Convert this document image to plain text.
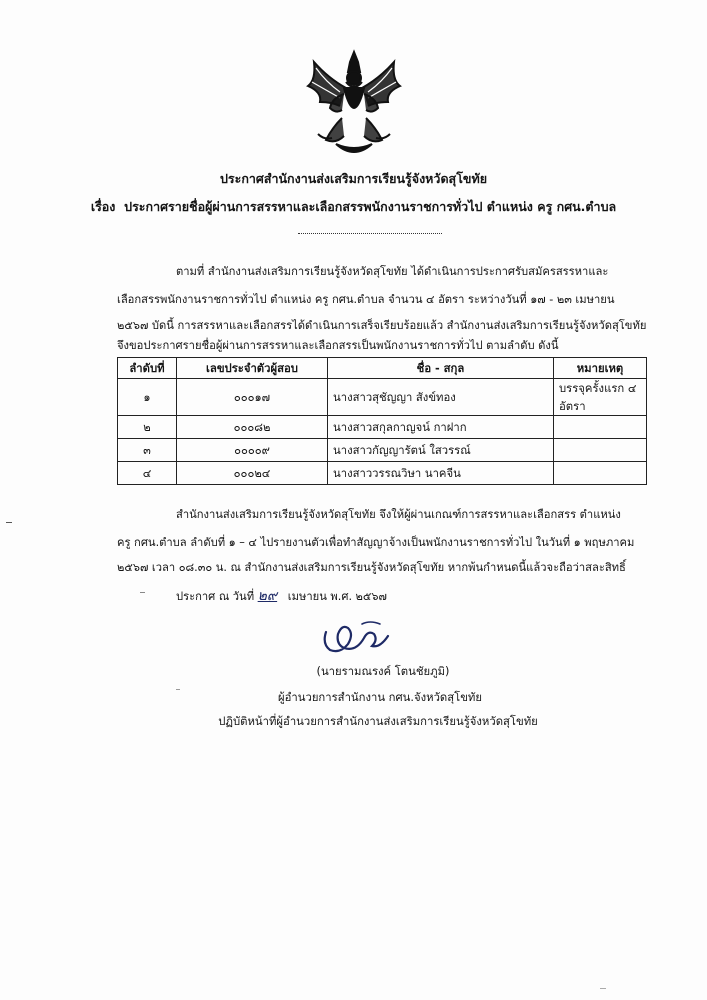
ประกาศสำนักงานส่งเสริมการเรียนรู้จังหวัดสุโขทัย
เรื่อง ประกาศรายชื่อผู้ผ่านการสรรหาและเลือกสรรพนักงานราชการทั่วไป ตำแหน่ง ครู กศน.ตำบล
ตามที่ สำนักงานส่งเสริมการเรียนรู้จังหวัดสุโขทัย ได้ดำเนินการประกาศรับสมัครสรรหาและ
เลือกสรรพนักงานราชการทั่วไป ตำแหน่ง ครู กศน.ตำบล จำนวน ๔ อัตรา ระหว่างวันที่ ๑๗ - ๒๓ เมษายน
๒๕๖๗ บัดนี้ การสรรหาและเลือกสรรได้ดำเนินการเสร็จเรียบร้อยแล้ว สำนักงานส่งเสริมการเรียนรู้จังหวัดสุโขทัย
จึงขอประกาศรายชื่อผู้ผ่านการสรรหาและเลือกสรรเป็นพนักงานราชการทั่วไป ตามลำดับ ดังนี้
ลำดับที่	เลขประจำตัวผู้สอบ	ชื่อ - สกุล	หมายเหตุ
๑	๐๐๐๑๗	นางสาวสุชัญญา สังข์ทอง	บรรจุครั้งแรก ๔ อัตรา
๒	๐๐๐๘๒	นางสาวสกุลกาญจน์ กาฝาก	
๓	๐๐๐๐๙	นางสาวกัญญารัตน์ ใสวรรณ์	
๔	๐๐๐๒๔	นางสาววรรณวิษา นาคจีน	
สำนักงานส่งเสริมการเรียนรู้จังหวัดสุโขทัย จึงให้ผู้ผ่านเกณฑ์การสรรหาและเลือกสรร ตำแหน่ง
ครู กศน.ตำบล ลำดับที่ ๑ – ๔ ไปรายงานตัวเพื่อทำสัญญาจ้างเป็นพนักงานราชการทั่วไป ในวันที่ ๑ พฤษภาคม
๒๕๖๗ เวลา ๐๘.๓๐ น. ณ สำนักงานส่งเสริมการเรียนรู้จังหวัดสุโขทัย หากพ้นกำหนดนี้แล้วจะถือว่าสละสิทธิ์
ประกาศ ณ วันที่ ๒๙ เมษายน พ.ศ. ๒๕๖๗
(นายรามณรงค์ โตนชัยภูมิ)
ผู้อำนวยการสำนักงาน กศน.จังหวัดสุโขทัย
ปฏิบัติหน้าที่ผู้อำนวยการสำนักงานส่งเสริมการเรียนรู้จังหวัดสุโขทัย
